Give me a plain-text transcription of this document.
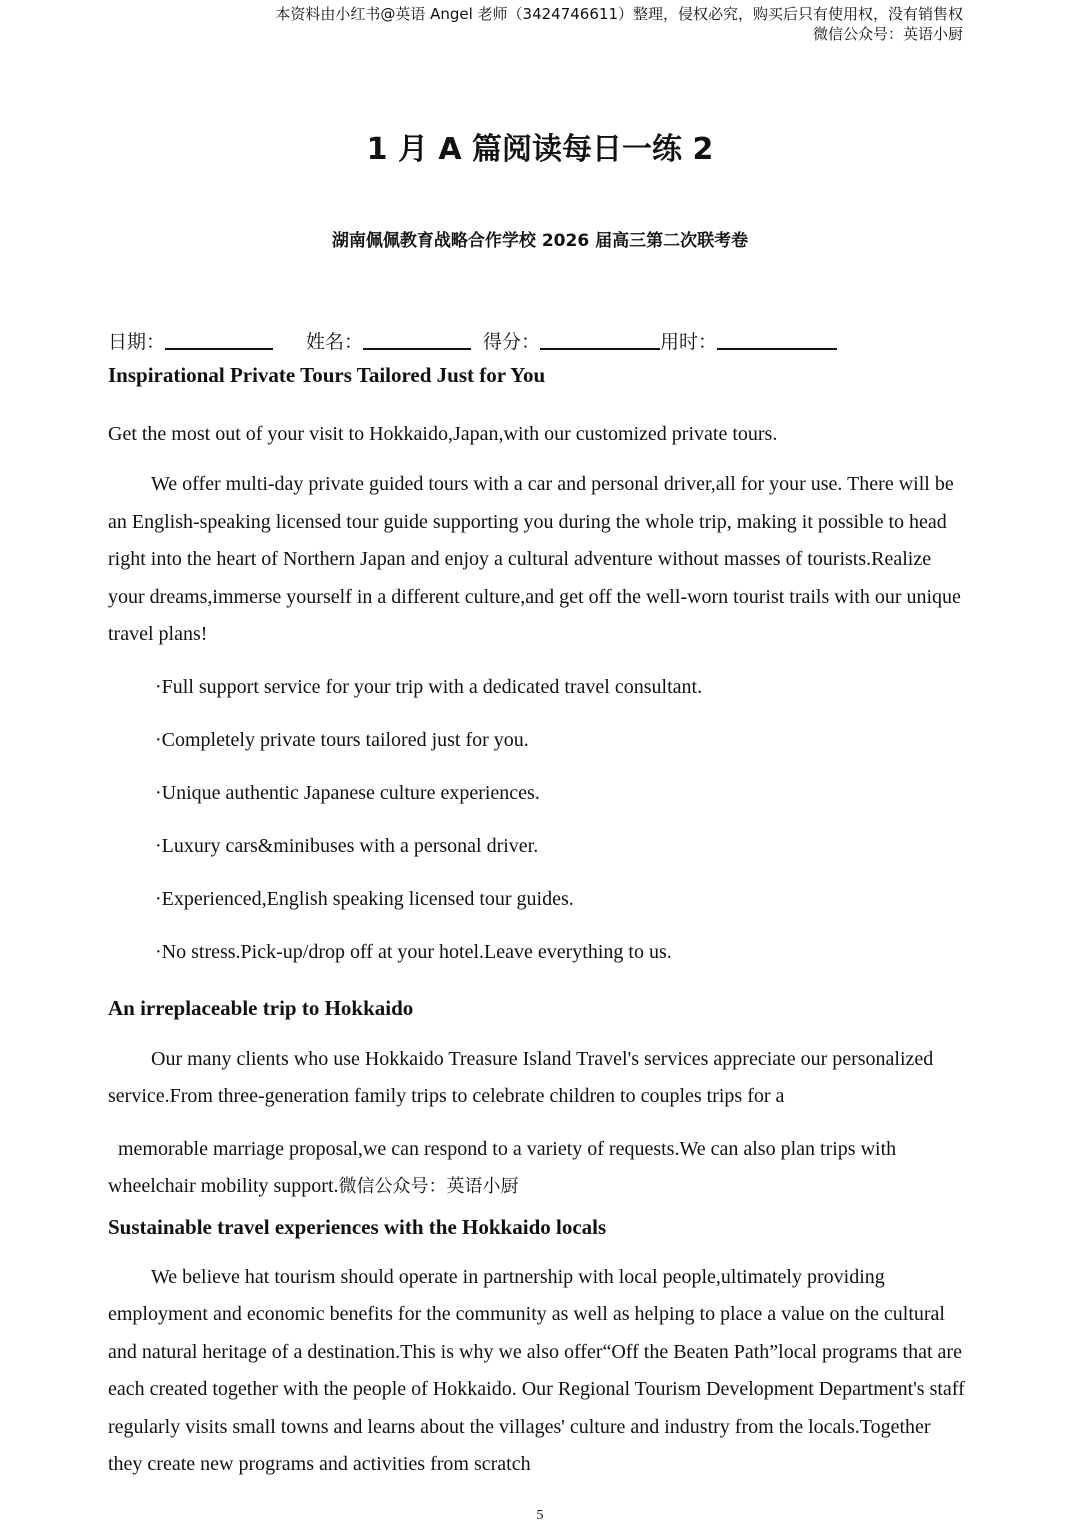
本资料由小红书@英语 Angel 老师（3424746611）整理，侵权必究，购买后只有使用权，没有销售权
微信公众号：英语小厨
1 月 A 篇阅读每日一练 2
湖南佩佩教育战略合作学校 2026 届高三第二次联考卷
日期：	姓名：	得分：	用时：
Inspirational Private Tours Tailored Just for You

Get the most out of your visit to Hokkaido,Japan,with our customized private tours.

We offer multi-day private guided tours with a car and personal driver,all for your use. There will be an English-speaking licensed tour guide supporting you during the whole trip, making it possible to head right into the heart of Northern Japan and enjoy a cultural adventure without masses of tourists.Realize your dreams,immerse yourself in a different culture,and get off the well-worn tourist trails with our unique travel plans!

·Full support service for your trip with a dedicated travel consultant.

·Completely private tours tailored just for you.

·Unique authentic Japanese culture experiences.

·Luxury cars&minibuses with a personal driver.

·Experienced,English speaking licensed tour guides.

·No stress.Pick-up/drop off at your hotel.Leave everything to us.

An irreplaceable trip to Hokkaido

Our many clients who use Hokkaido Treasure Island Travel's services appreciate our personalized service.From three-generation family trips to celebrate children to couples trips for a

memorable marriage proposal,we can respond to a variety of requests.We can also plan trips with wheelchair mobility support.微信公众号：英语小厨

Sustainable travel experiences with the Hokkaido locals

We believe hat tourism should operate in partnership with local people,ultimately providing employment and economic benefits for the community as well as helping to place a value on the cultural and natural heritage of a destination.This is why we also offer“Off the Beaten Path”local programs that are each created together with the people of Hokkaido. Our Regional Tourism Development Department's staff regularly visits small towns and learns about the villages' culture and industry from the locals.Together they create new programs and activities from scratch

5
